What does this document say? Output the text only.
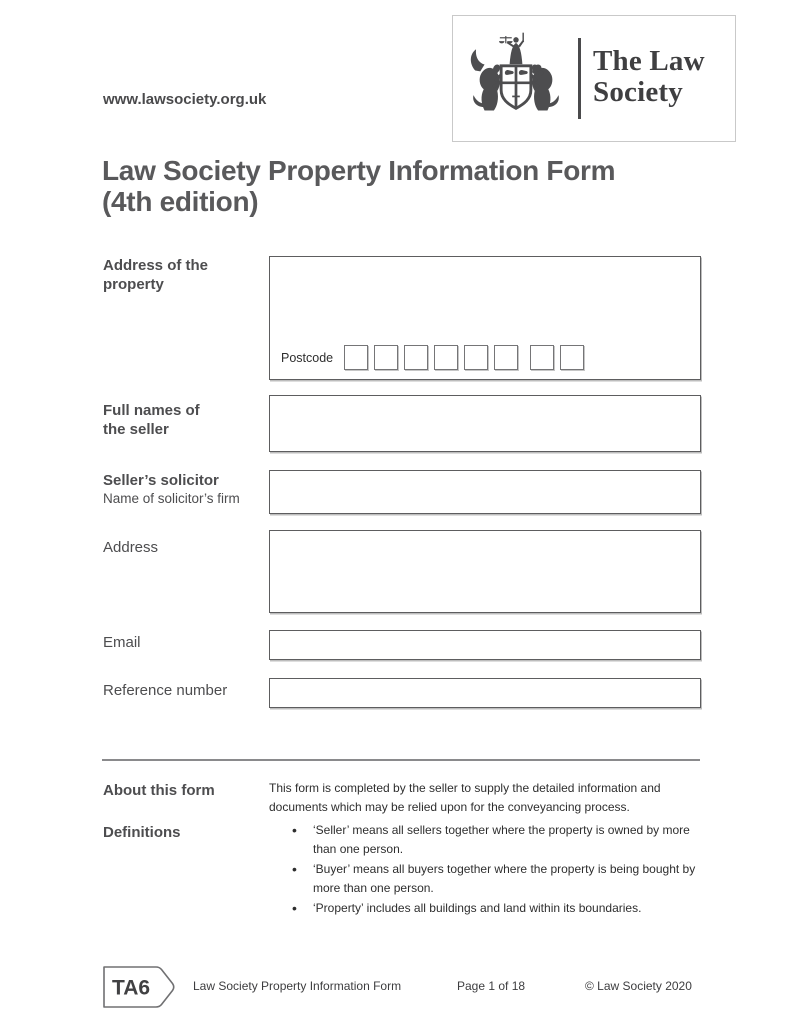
www.lawsociety.org.uk
The Law
Society
Law Society Property Information Form
(4th edition)
Address of the
property
Postcode
Full names of
the seller
Seller’s solicitor
Name of solicitor’s firm
Address
Email
Reference number
About this form	This form is completed by the seller to supply the detailed information and documents which may be relied upon for the conveyancing process.
Definitions	• ‘Seller’ means all sellers together where the property is owned by more than one person.
• ‘Buyer’ means all buyers together where the property is being bought by more than one person.
• ‘Property’ includes all buildings and land within its boundaries.
TA6	Law Society Property Information Form	Page 1 of 18	© Law Society 2020
